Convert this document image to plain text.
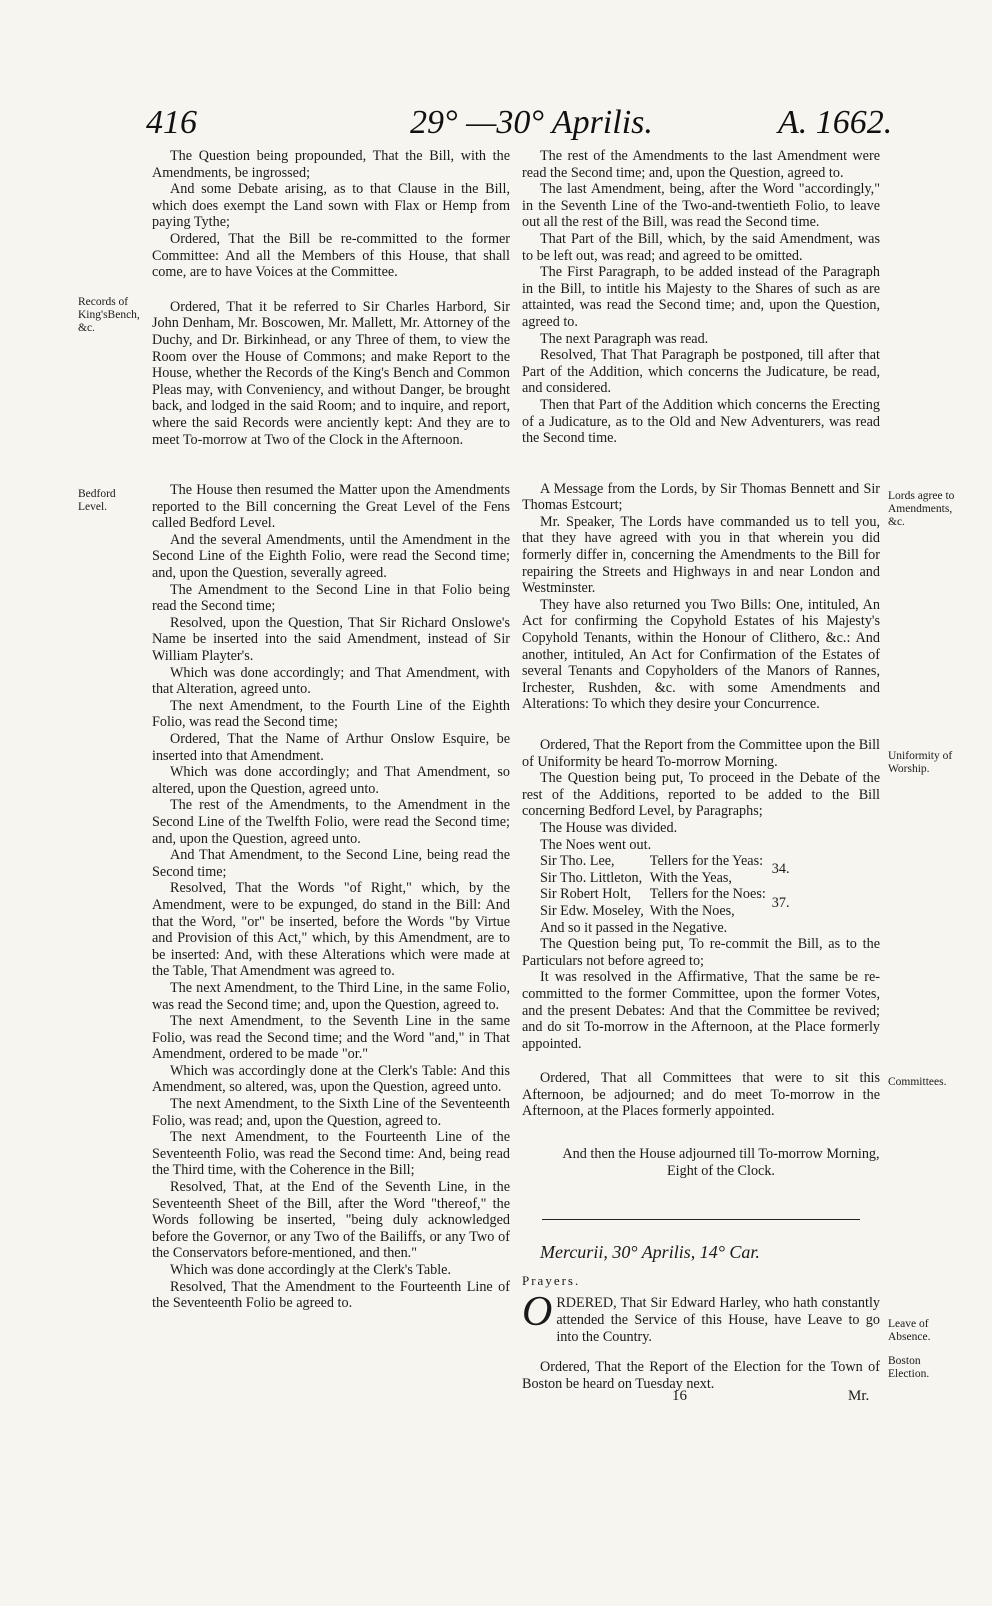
416	29° —30° Aprilis.	A. 1662.
Records of King'sBench, &c.
Bedford Level.
Lords agree to Amendments, &c.
Uniformity of Worship.
Committees.
Leave of Absence.
Boston Election.

The Question being propounded, That the Bill, with the Amendments, be ingrossed;

And some Debate arising, as to that Clause in the Bill, which does exempt the Land sown with Flax or Hemp from paying Tythe;

Ordered, That the Bill be re-committed to the former Committee: And all the Members of this House, that shall come, are to have Voices at the Committee.

Ordered, That it be referred to Sir Charles Harbord, Sir John Denham, Mr. Boscowen, Mr. Mallett, Mr. Attorney of the Duchy, and Dr. Birkinhead, or any Three of them, to view the Room over the House of Commons; and make Report to the House, whether the Records of the King's Bench and Common Pleas may, with Conveniency, and without Danger, be brought back, and lodged in the said Room; and to inquire, and report, where the said Records were anciently kept: And they are to meet To-morrow at Two of the Clock in the Afternoon.

The House then resumed the Matter upon the Amendments reported to the Bill concerning the Great Level of the Fens called Bedford Level.

And the several Amendments, until the Amendment in the Second Line of the Eighth Folio, were read the Second time; and, upon the Question, severally agreed.

The Amendment to the Second Line in that Folio being read the Second time;

Resolved, upon the Question, That Sir Richard Onslowe's Name be inserted into the said Amendment, instead of Sir William Playter's.

Which was done accordingly; and That Amendment, with that Alteration, agreed unto.

The next Amendment, to the Fourth Line of the Eighth Folio, was read the Second time;

Ordered, That the Name of Arthur Onslow Esquire, be inserted into that Amendment.

Which was done accordingly; and That Amendment, so altered, upon the Question, agreed unto.

The rest of the Amendments, to the Amendment in the Second Line of the Twelfth Folio, were read the Second time; and, upon the Question, agreed unto.

And That Amendment, to the Second Line, being read the Second time;

Resolved, That the Words "of Right," which, by the Amendment, were to be expunged, do stand in the Bill: And that the Word, "or" be inserted, before the Words "by Virtue and Provision of this Act," which, by this Amendment, are to be inserted: And, with these Alterations which were made at the Table, That Amendment was agreed to.

The next Amendment, to the Third Line, in the same Folio, was read the Second time; and, upon the Question, agreed to.

The next Amendment, to the Seventh Line in the same Folio, was read the Second time; and the Word "and," in That Amendment, ordered to be made "or."

Which was accordingly done at the Clerk's Table: And this Amendment, so altered, was, upon the Question, agreed unto.

The next Amendment, to the Sixth Line of the Seventeenth Folio, was read; and, upon the Question, agreed to.

The next Amendment, to the Fourteenth Line of the Seventeenth Folio, was read the Second time: And, being read the Third time, with the Coherence in the Bill;

Resolved, That, at the End of the Seventh Line, in the Seventeenth Sheet of the Bill, after the Word "thereof," the Words following be inserted, "being duly acknowledged before the Governor, or any Two of the Bailiffs, or any Two of the Conservators before-mentioned, and then."

Which was done accordingly at the Clerk's Table.

Resolved, That the Amendment to the Fourteenth Line of the Seventeenth Folio be agreed to.

The rest of the Amendments to the last Amendment were read the Second time; and, upon the Question, agreed to.

The last Amendment, being, after the Word "accordingly," in the Seventh Line of the Two-and-twentieth Folio, to leave out all the rest of the Bill, was read the Second time.

That Part of the Bill, which, by the said Amendment, was to be left out, was read; and agreed to be omitted.

The First Paragraph, to be added instead of the Paragraph in the Bill, to intitle his Majesty to the Shares of such as are attainted, was read the Second time; and, upon the Question, agreed to.

The next Paragraph was read.

Resolved, That That Paragraph be postponed, till after that Part of the Addition, which concerns the Judicature, be read, and considered.

Then that Part of the Addition which concerns the Erecting of a Judicature, as to the Old and New Adventurers, was read the Second time.

A Message from the Lords, by Sir Thomas Bennett and Sir Thomas Estcourt;

Mr. Speaker, The Lords have commanded us to tell you, that they have agreed with you in that wherein you did formerly differ in, concerning the Amendments to the Bill for repairing the Streets and Highways in and near London and Westminster.

They have also returned you Two Bills: One, intituled, An Act for confirming the Copyhold Estates of his Majesty's Copyhold Tenants, within the Honour of Clithero, &c.: And another, intituled, An Act for Confirmation of the Estates of several Tenants and Copyholders of the Manors of Rannes, Irchester, Rushden, &c. with some Amendments and Alterations: To which they desire your Concurrence.

Ordered, That the Report from the Committee upon the Bill of Uniformity be heard To-morrow Morning.

The Question being put, To proceed in the Debate of the rest of the Additions, reported to be added to the Bill concerning Bedford Level, by Paragraphs;

The House was divided.

The Noes went out.

Sir Tho. Lee,	Tellers for the Yeas:	34.
Sir Tho. Littleton,	With the Yeas,	
Sir Robert Holt,	Tellers for the Noes:	37.
Sir Edw. Moseley,	With the Noes,	

And so it passed in the Negative.

The Question being put, To re-commit the Bill, as to the Particulars not before agreed to;

It was resolved in the Affirmative, That the same be re-committed to the former Committee, upon the former Votes, and the present Debates: And that the Committee be revived; and do sit To-morrow in the Afternoon, at the Place formerly appointed.

Ordered, That all Committees that were to sit this Afternoon, be adjourned; and do meet To-morrow in the Afternoon, at the Places formerly appointed.

And then the House adjourned till To-morrow Morning, Eight of the Clock.

Mercurii, 30° Aprilis, 14° Car.

Prayers.

ORDERED, That Sir Edward Harley, who hath constantly attended the Service of this House, have Leave to go into the Country.

Ordered, That the Report of the Election for the Town of Boston be heard on Tuesday next.

16	Mr.
